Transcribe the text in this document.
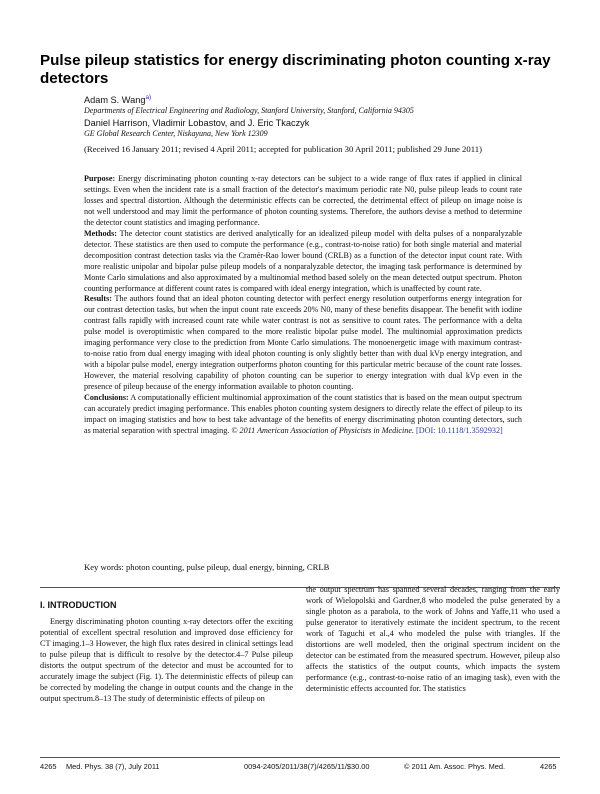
Pulse pileup statistics for energy discriminating photon counting x-ray detectors
Adam S. Wang$^{a)}$
Departments of Electrical Engineering and Radiology, Stanford University, Stanford, California 94305
Daniel Harrison, Vladimir Lobastov, and J. Eric Tkaczyk
GE Global Research Center, Niskayuna, New York 12309
(Received 16 January 2011; revised 4 April 2011; accepted for publication 30 April 2011; published 29 June 2011)

Purpose: Energy discriminating photon counting x-ray detectors can be subject to a wide range of flux rates if applied in clinical settings. Even when the incident rate is a small fraction of the detector's maximum periodic rate N0, pulse pileup leads to count rate losses and spectral distortion. Although the deterministic effects can be corrected, the detrimental effect of pileup on image noise is not well understood and may limit the performance of photon counting systems. Therefore, the authors devise a method to determine the detector count statistics and imaging performance.

Methods: The detector count statistics are derived analytically for an idealized pileup model with delta pulses of a nonparalyzable detector. These statistics are then used to compute the performance (e.g., contrast-to-noise ratio) for both single material and material decomposition contrast detection tasks via the Cramér-Rao lower bound (CRLB) as a function of the detector input count rate. With more realistic unipolar and bipolar pulse pileup models of a nonparalyzable detector, the imaging task performance is determined by Monte Carlo simulations and also approximated by a multinomial method based solely on the mean detected output spectrum. Photon counting performance at different count rates is compared with ideal energy integration, which is unaffected by count rate.

Results: The authors found that an ideal photon counting detector with perfect energy resolution outperforms energy integration for our contrast detection tasks, but when the input count rate exceeds 20% N0, many of these benefits disappear. The benefit with iodine contrast falls rapidly with increased count rate while water contrast is not as sensitive to count rates. The performance with a delta pulse model is overoptimistic when compared to the more realistic bipolar pulse model. The multinomial approximation predicts imaging performance very close to the prediction from Monte Carlo simulations. The monoenergetic image with maximum contrast-to-noise ratio from dual energy imaging with ideal photon counting is only slightly better than with dual kVp energy integration, and with a bipolar pulse model, energy integration outperforms photon counting for this particular metric because of the count rate losses. However, the material resolving capability of photon counting can be superior to energy integration with dual kVp even in the presence of pileup because of the energy information available to photon counting.

Conclusions: A computationally efficient multinomial approximation of the count statistics that is based on the mean output spectrum can accurately predict imaging performance. This enables photon counting system designers to directly relate the effect of pileup to its impact on imaging statistics and how to best take advantage of the benefits of energy discriminating photon counting detectors, such as material separation with spectral imaging. © 2011 American Association of Physicists in Medicine. [DOI: 10.1118/1.3592932]

Key words: photon counting, pulse pileup, dual energy, binning, CRLB
I. INTRODUCTION

Energy discriminating photon counting x-ray detectors offer the exciting potential of excellent spectral resolution and improved dose efficiency for CT imaging.1–3 However, the high flux rates desired in clinical settings lead to pulse pileup that is difficult to resolve by the detector.4–7 Pulse pileup distorts the output spectrum of the detector and must be accounted for to accurately image the subject (Fig. 1). The deterministic effects of pileup can be corrected by modeling the change in output counts and the change in the output spectrum.8–13 The study of deterministic effects of pileup on

the output spectrum has spanned several decades, ranging from the early work of Wielopolski and Gardner,8 who modeled the pulse generated by a single photon as a parabola, to the work of Johns and Yaffe,11 who used a pulse generator to iteratively estimate the incident spectrum, to the recent work of Taguchi et al.,4 who modeled the pulse with triangles. If the distortions are well modeled, then the original spectrum incident on the detector can be estimated from the measured spectrum. However, pileup also affects the statistics of the output counts, which impacts the system performance (e.g., contrast-to-noise ratio of an imaging task), even with the deterministic effects accounted for. The statistics

4265 Med. Phys. 38 (7), July 2011	0094-2405/2011/38(7)/4265/11/$30.00	© 2011 Am. Assoc. Phys. Med.	4265
